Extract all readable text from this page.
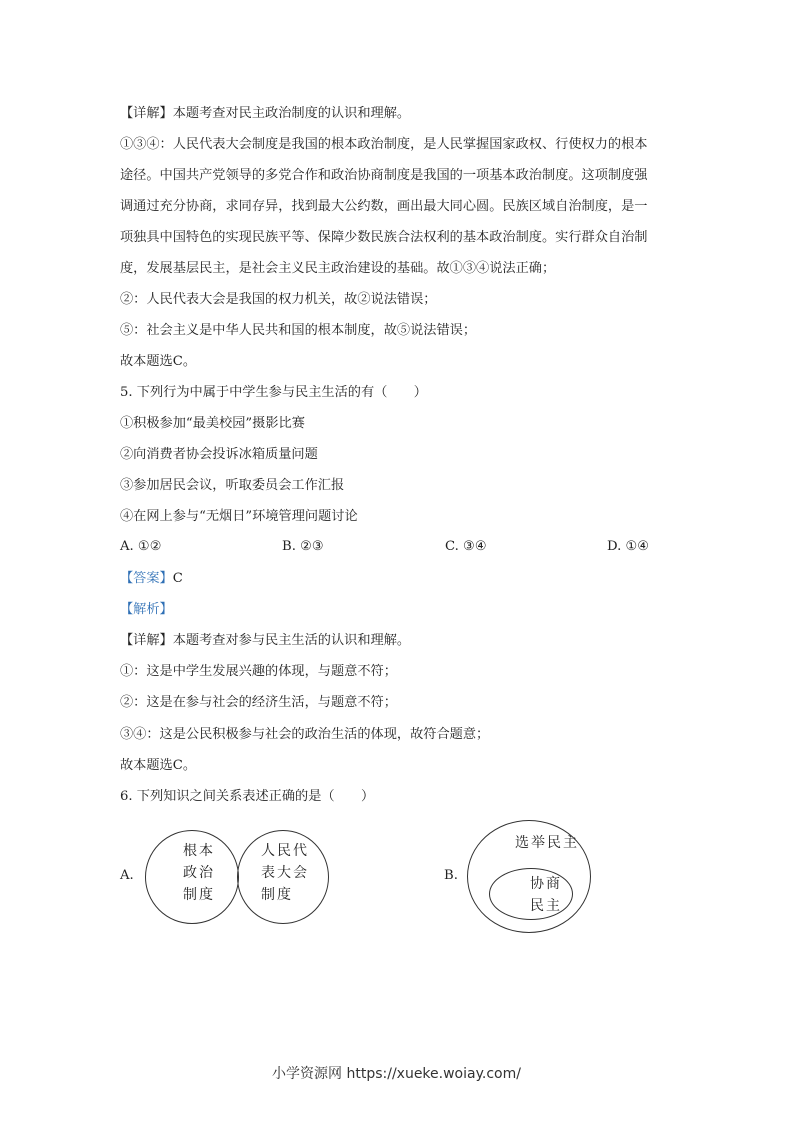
【详解】本题考查对民主政治制度的认识和理解。
①③④：人民代表大会制度是我国的根本政治制度，是人民掌握国家政权、行使权力的根本
途径。中国共产党领导的多党合作和政治协商制度是我国的一项基本政治制度。这项制度强
调通过充分协商，求同存异，找到最大公约数，画出最大同心圆。民族区域自治制度，是一
项独具中国特色的实现民族平等、保障少数民族合法权利的基本政治制度。实行群众自治制
度，发展基层民主，是社会主义民主政治建设的基础。故①③④说法正确；
②：人民代表大会是我国的权力机关，故②说法错误；
⑤：社会主义是中华人民共和国的根本制度，故⑤说法错误；
故本题选C。
5. 下列行为中属于中学生参与民主生活的有（　　）
①积极参加“最美校园”摄影比赛
②向消费者协会投诉冰箱质量问题
③参加居民会议，听取委员会工作汇报
④在网上参与“无烟日”环境管理问题讨论
A. ①②	B. ②③	C. ③④	D. ①④
【答案】C
【解析】
【详解】本题考查对参与民主生活的认识和理解。
①：这是中学生发展兴趣的体现，与题意不符；
②：这是在参与社会的经济生活，与题意不符；
③④：这是公民积极参与社会的政治生活的体现，故符合题意；
故本题选C。
6. 下列知识之间关系表述正确的是（　　）
A.
根本
政治
制度
人民代
表大会
制度
B.
选举民主
协商
民主
小学资源网 https://xueke.woiay.com/
